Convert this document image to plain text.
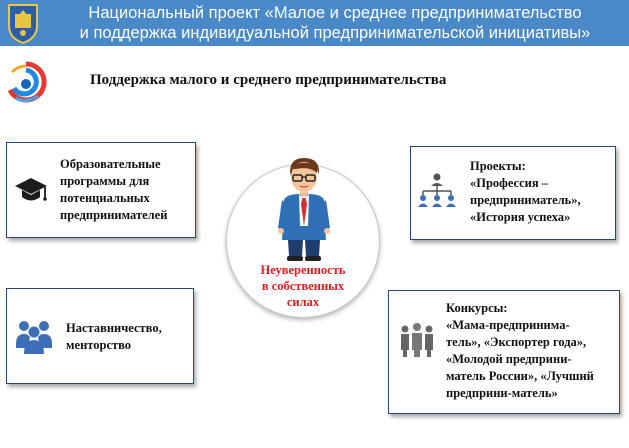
Национальный проект «Малое и среднее предпринимательство
и поддержка индивидуальной предпринимательской инициативы»
Поддержка малого и среднего предпринимательства
Образовательные
программы для
потенциальных
предпринимателей
Проекты:
«Профессия –
предприниматель»,
«История успеха»
Наставничество,
менторство
Конкурсы:
«Мама-предпринима-
тель», «Экспортер года»,
«Молодой предприни-
матель России», «Лучший
предприни-матель»
Неуверенность
в собственных
силах
